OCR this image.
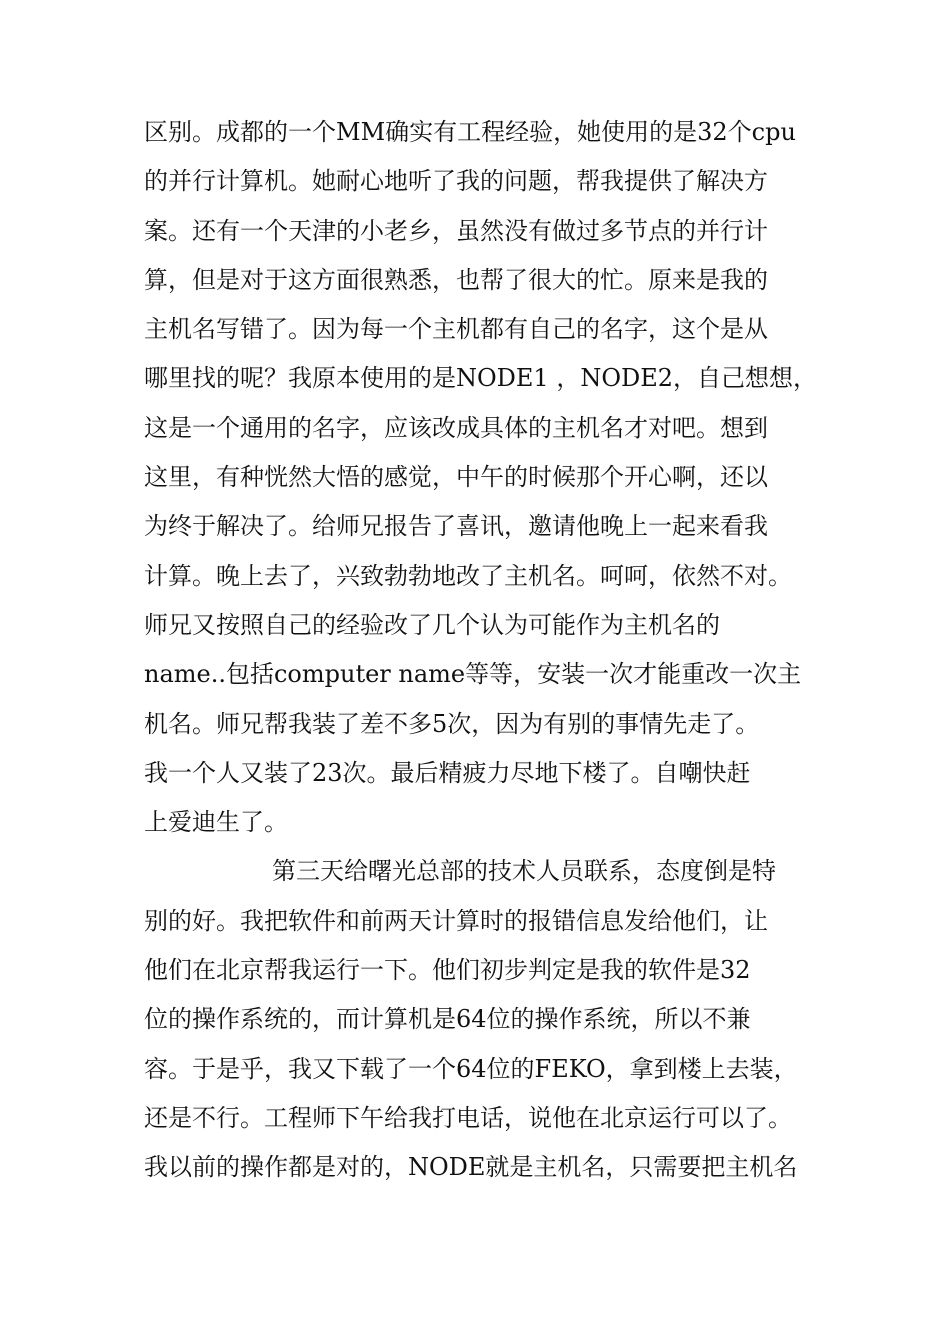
区别。成都的一个MM确实有工程经验，她使用的是32个cpu
的并行计算机。她耐心地听了我的问题，帮我提供了解决方
案。还有一个天津的小老乡，虽然没有做过多节点的并行计
算，但是对于这方面很熟悉，也帮了很大的忙。原来是我的
主机名写错了。因为每一个主机都有自己的名字，这个是从
哪里找的呢？我原本使用的是NODE1 ，NODE2，自己想想，
这是一个通用的名字，应该改成具体的主机名才对吧。想到
这里，有种恍然大悟的感觉，中午的时候那个开心啊，还以
为终于解决了。给师兄报告了喜讯，邀请他晚上一起来看我
计算。晚上去了，兴致勃勃地改了主机名。呵呵，依然不对。
师兄又按照自己的经验改了几个认为可能作为主机名的
name..包括computer name等等，安装一次才能重改一次主
机名。师兄帮我装了差不多5次，因为有别的事情先走了。
我一个人又装了23次。最后精疲力尽地下楼了。自嘲快赶
上爱迪生了。
第三天给曙光总部的技术人员联系，态度倒是特
别的好。我把软件和前两天计算时的报错信息发给他们，让
他们在北京帮我运行一下。他们初步判定是我的软件是32
位的操作系统的，而计算机是64位的操作系统，所以不兼
容。于是乎，我又下载了一个64位的FEKO，拿到楼上去装，
还是不行。工程师下午给我打电话，说他在北京运行可以了。
我以前的操作都是对的，NODE就是主机名，只需要把主机名
